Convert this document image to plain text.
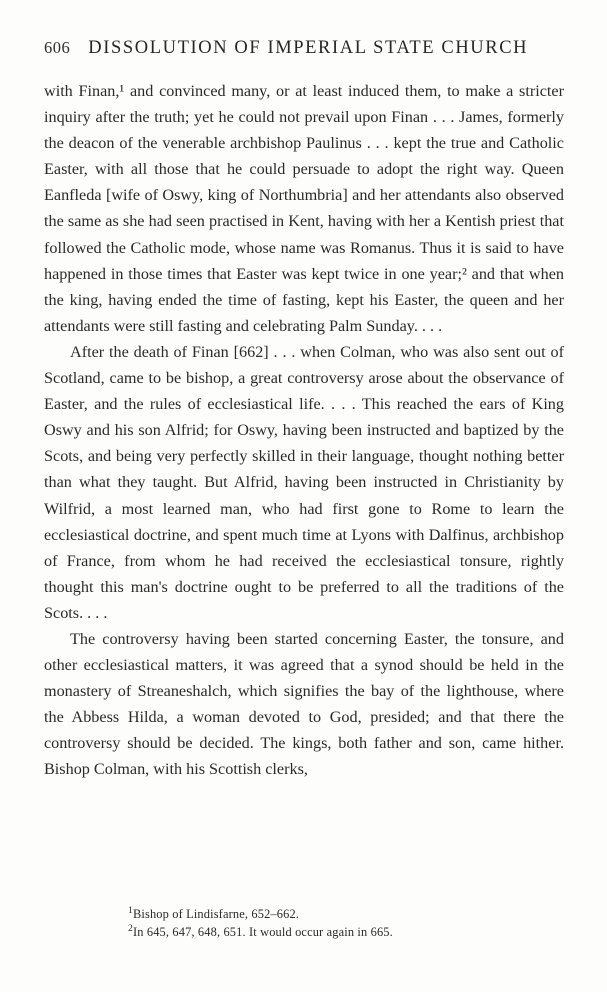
606 DISSOLUTION OF IMPERIAL STATE CHURCH

with Finan,¹ and convinced many, or at least induced them, to make a stricter inquiry after the truth; yet he could not prevail upon Finan . . . James, formerly the deacon of the venerable archbishop Paulinus . . . kept the true and Catholic Easter, with all those that he could persuade to adopt the right way. Queen Eanfleda [wife of Oswy, king of Northumbria] and her attendants also observed the same as she had seen practised in Kent, having with her a Kentish priest that followed the Catholic mode, whose name was Romanus. Thus it is said to have happened in those times that Easter was kept twice in one year;² and that when the king, having ended the time of fasting, kept his Easter, the queen and her attendants were still fasting and celebrating Palm Sunday. . . .

After the death of Finan [662] . . . when Colman, who was also sent out of Scotland, came to be bishop, a great controversy arose about the observance of Easter, and the rules of ecclesiastical life. . . . This reached the ears of King Oswy and his son Alfrid; for Oswy, having been instructed and baptized by the Scots, and being very perfectly skilled in their language, thought nothing better than what they taught. But Alfrid, having been instructed in Christianity by Wilfrid, a most learned man, who had first gone to Rome to learn the ecclesiastical doctrine, and spent much time at Lyons with Dalfinus, archbishop of France, from whom he had received the ecclesiastical tonsure, rightly thought this man's doctrine ought to be preferred to all the traditions of the Scots. . . .

The controversy having been started concerning Easter, the tonsure, and other ecclesiastical matters, it was agreed that a synod should be held in the monastery of Streaneshalch, which signifies the bay of the lighthouse, where the Abbess Hilda, a woman devoted to God, presided; and that there the controversy should be decided. The kings, both father and son, came hither. Bishop Colman, with his Scottish clerks,

$^1$Bishop of Lindisfarne, 652–662.
$^2$In 645, 647, 648, 651. It would occur again in 665.
